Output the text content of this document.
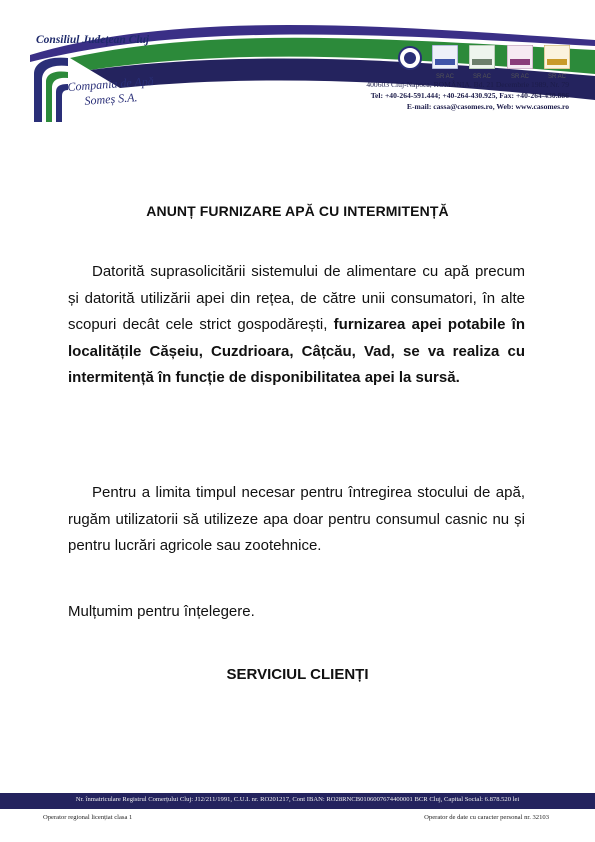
Consiliul Județean Cluj
Compania de Apă
Someș S.A.
SR AC	SR AC	SR AC	SR AC
400603 Cluj-Napoca, ROMÂNIA, Bd. 21 Decembrie 1989, Nr. 79
Tel: +40-264-591.444; +40-264-430.925, Fax: +40-264-430.886
E-mail: cassa@casomes.ro, Web: www.casomes.ro
ANUNȚ FURNIZARE APĂ CU INTERMITENȚĂ
Datorită suprasolicitării sistemului de alimentare cu apă precum și datorită utilizării apei din rețea, de către unii consumatori, în alte scopuri decât cele strict gospodărești, furnizarea apei potabile în localitățile Cășeiu, Cuzdrioara, Câțcău, Vad, se va realiza cu intermitență în funcție de disponibilitatea apei la sursă.
Pentru a limita timpul necesar pentru întregirea stocului de apă, rugăm utilizatorii să utilizeze apa doar pentru consumul casnic nu și pentru lucrări agricole sau zootehnice.
Mulțumim pentru înțelegere.
SERVICIUL CLIENȚI
Nr. înmatriculare Registrul Comerțului Cluj: J12/211/1991, C.U.I. nr. RO201217, Cont IBAN: RO28RNCB0106007674400001 BCR Cluj, Capital Social: 6.878.520 lei
Operator regional licențiat clasa 1	Operator de date cu caracter personal nr. 32103
